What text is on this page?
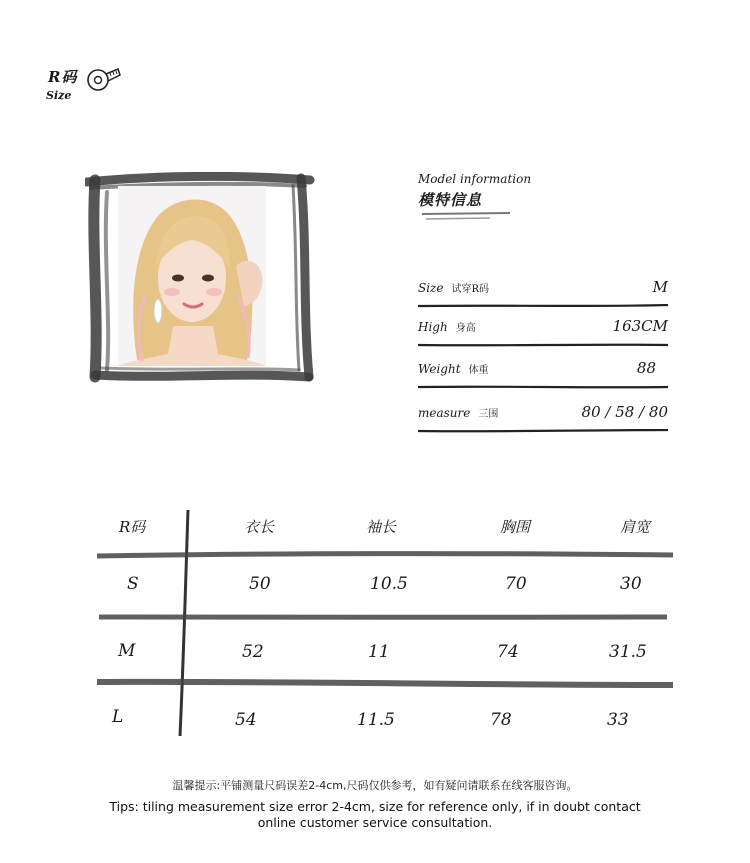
R码
Size
Model information
模特信息
Size 试穿R码	M
High 身高	163CM
Weight 体重	88
measure 三围	80 / 58 / 80
R码	衣长	袖长	胸围	肩宽
S	50	10.5	70	30
M	52	11	74	31.5
L	54	11.5	78	33
温馨提示:平铺测量尺码误差2-4cm,尺码仅供参考，如有疑问请联系在线客服咨询。
Tips: tiling measurement size error 2-4cm, size for reference only, if in doubt contact online customer service consultation.
